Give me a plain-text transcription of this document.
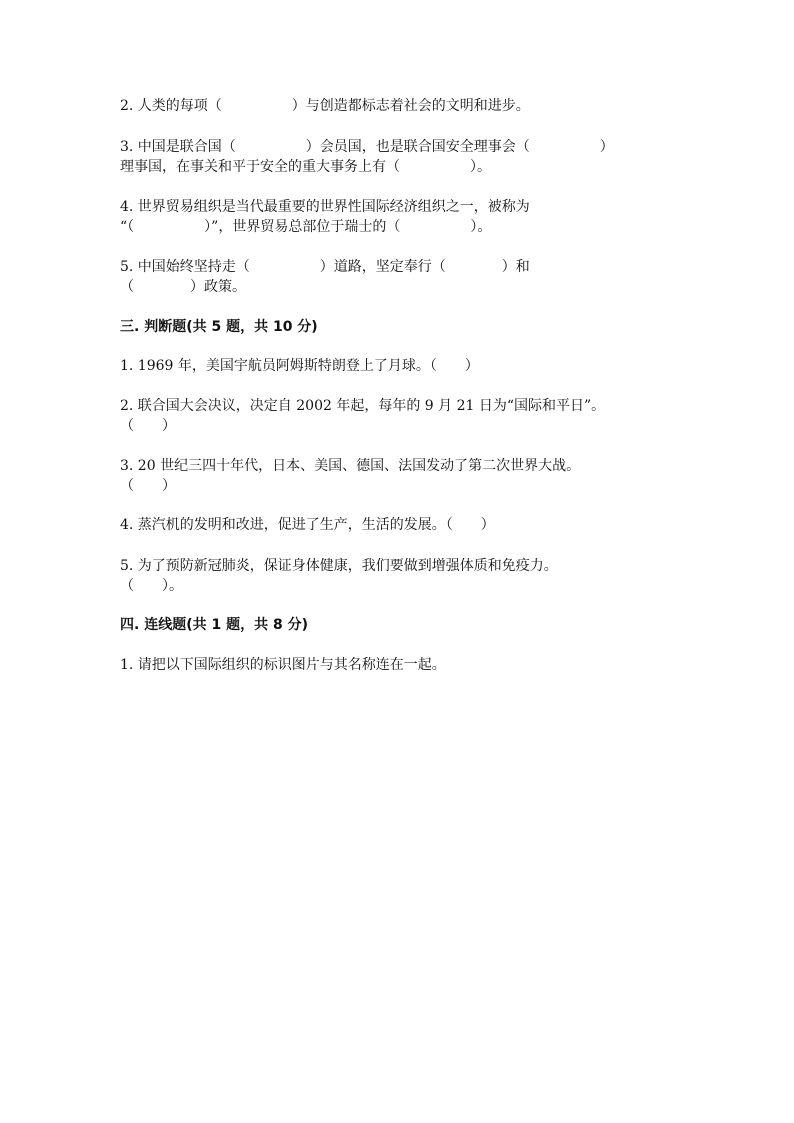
2. 人类的每项（　　　　　）与创造都标志着社会的文明和进步。
3. 中国是联合国（　　　　　）会员国，也是联合国安全理事会（　　　　　）
理事国，在事关和平于安全的重大事务上有（　　　　　）。
4. 世界贸易组织是当代最重要的世界性国际经济组织之一，被称为
“（　　　　　）”，世界贸易总部位于瑞士的（　　　　　）。
5. 中国始终坚持走（　　　　　）道路，坚定奉行（　　　　）和
（　　　　）政策。
三. 判断题(共 5 题，共 10 分)
1. 1969 年，美国宇航员阿姆斯特朗登上了月球。（　　）
2. 联合国大会决议，决定自 2002 年起，每年的 9 月 21 日为“国际和平日”。
（　　）
3. 20 世纪三四十年代，日本、美国、德国、法国发动了第二次世界大战。
（　　）
4. 蒸汽机的发明和改进，促进了生产，生活的发展。（　　）
5. 为了预防新冠肺炎，保证身体健康，我们要做到增强体质和免疫力。
（　　）。
四. 连线题(共 1 题，共 8 分)
1. 请把以下国际组织的标识图片与其名称连在一起。
